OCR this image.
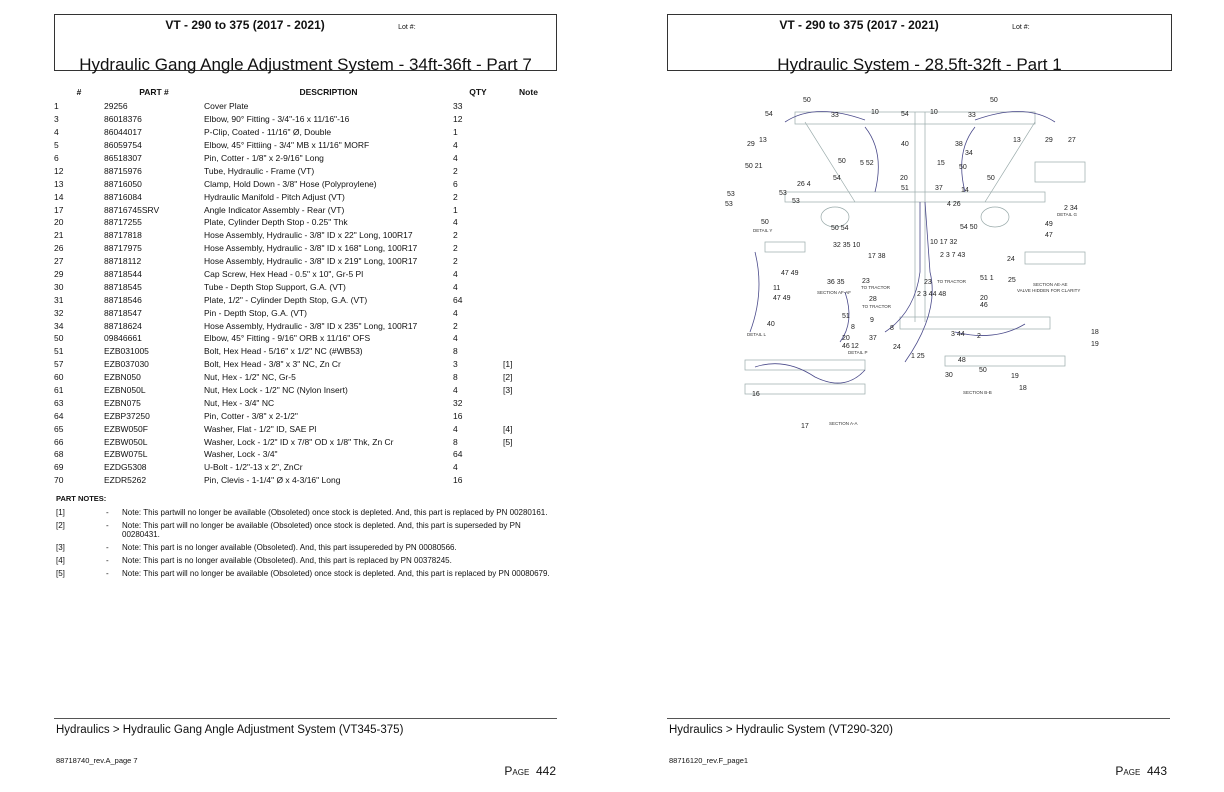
VT - 290 to 375 (2017 - 2021)	Lot #:
Hydraulic Gang Angle Adjustment System - 34ft-36ft - Part 7
#	PART #	DESCRIPTION	QTY	Note
1	29256	Cover Plate	33	
3	86018376	Elbow, 90° Fitting - 3/4"-16 x 11/16"-16	12	
4	86044017	P-Clip, Coated - 11/16" Ø, Double	1	
5	86059754	Elbow, 45° Fittiing - 3/4" MB x 11/16" MORF	4	
6	86518307	Pin, Cotter - 1/8" x 2-9/16" Long	4	
12	88715976	Tube, Hydraulic - Frame (VT)	2	
13	88716050	Clamp, Hold Down - 3/8" Hose (Polyproylene)	6	
14	88716084	Hydraulic Manifold - Pitch Adjust (VT)	2	
17	88716745SRV	Angle Indicator Assembly - Rear (VT)	1	
20	88717255	Plate, Cylinder Depth Stop - 0.25" Thk	4	
21	88717818	Hose Assembly, Hydraulic - 3/8" ID x 22" Long, 100R17	2	
26	88717975	Hose Assembly, Hydraulic - 3/8" ID x 168" Long, 100R17	2	
27	88718112	Hose Assembly, Hydraulic - 3/8" ID x 219" Long, 100R17	2	
29	88718544	Cap Screw, Hex Head - 0.5" x 10", Gr-5 Pl	4	
30	88718545	Tube - Depth Stop Support, G.A. (VT)	4	
31	88718546	Plate, 1/2" - Cylinder Depth Stop, G.A. (VT)	64	
32	88718547	Pin - Depth Stop, G.A. (VT)	4	
34	88718624	Hose Assembly, Hydraulic - 3/8" ID x 235" Long, 100R17	2	
50	09846661	Elbow, 45° Fitting - 9/16" ORB x 11/16" OFS	4	
51	EZB031005	Bolt, Hex Head - 5/16" x 1/2" NC (#WB53)	8	
57	EZB037030	Bolt, Hex Head - 3/8" x 3" NC, Zn Cr	3	[1]
60	EZBN050	Nut, Hex - 1/2" NC, Gr-5	8	[2]
61	EZBN050L	Nut, Hex Lock - 1/2" NC (Nylon Insert)	4	[3]
63	EZBN075	Nut, Hex - 3/4" NC	32	
64	EZBP37250	Pin, Cotter - 3/8" x 2-1/2"	16	
65	EZBW050F	Washer, Flat - 1/2" ID, SAE Pl	4	[4]
66	EZBW050L	Washer, Lock - 1/2" ID x 7/8" OD x 1/8" Thk, Zn Cr	8	[5]
68	EZBW075L	Washer, Lock - 3/4"	64	
69	EZDG5308	U-Bolt - 1/2"-13 x 2", ZnCr	4	
70	EZDR5262	Pin, Clevis - 1-1/4" Ø x 4-3/16" Long	16	
PART NOTES:
[1]	-	Note: This partwill no longer be available (Obsoleted) once stock is depleted. And, this part is replaced by PN 00280161.
[2]	-	Note: This part will no longer be available (Obsoleted) once stock is depleted. And, this part is superseded by PN 00280431.
[3]	-	Note: This part is no longer available (Obsoleted). And, this part issupereded by PN 00080566.
[4]	-	Note: This part is no longer available (Obsoleted). And, this part is replaced by PN 00378245.
[5]	-	Note: This part will no longer be available (Obsoleted) once stock is depleted. And, this part is replaced by PN 00080679.
Hydraulics > Hydraulic Gang Angle Adjustment System (VT345-375)
88718740_rev.A_page 7
Page 442
VT - 290 to 375 (2017 - 2021)	Lot #:
Hydraulic System - 28.5ft-32ft - Part 1
50	50
10	54	10
54	33	33
13
29
13	29 27
50 21
50
40	38
34
5 52	15
50
54	20	50
26 4
51	37	14
53	53
53	4 26
2 34
53
50
50 54	54 50	49
47
32 35 10	10 17 32
17 38	2 3 7 43
24
47 49
36 35 23	23
51 1 25
11
2 3 44 48
47 49	28	20
46
51
9
40	8	8
3 44	18
37	2
19
12	24
20
46
1 25
48
50
30	19
18
16
17
DETAIL Y
DETAIL G
DETAIL L
DETAIL P
SECTION AF-AF
SECTION AE-AE
VALVE HIDDEN FOR CLARITY
SECTION B-B
SECTION A-A
TO TRACTOR
TO TRACTOR
TO TRACTOR
Hydraulics > Hydraulic System (VT290-320)
88716120_rev.F_page1
Page 443
